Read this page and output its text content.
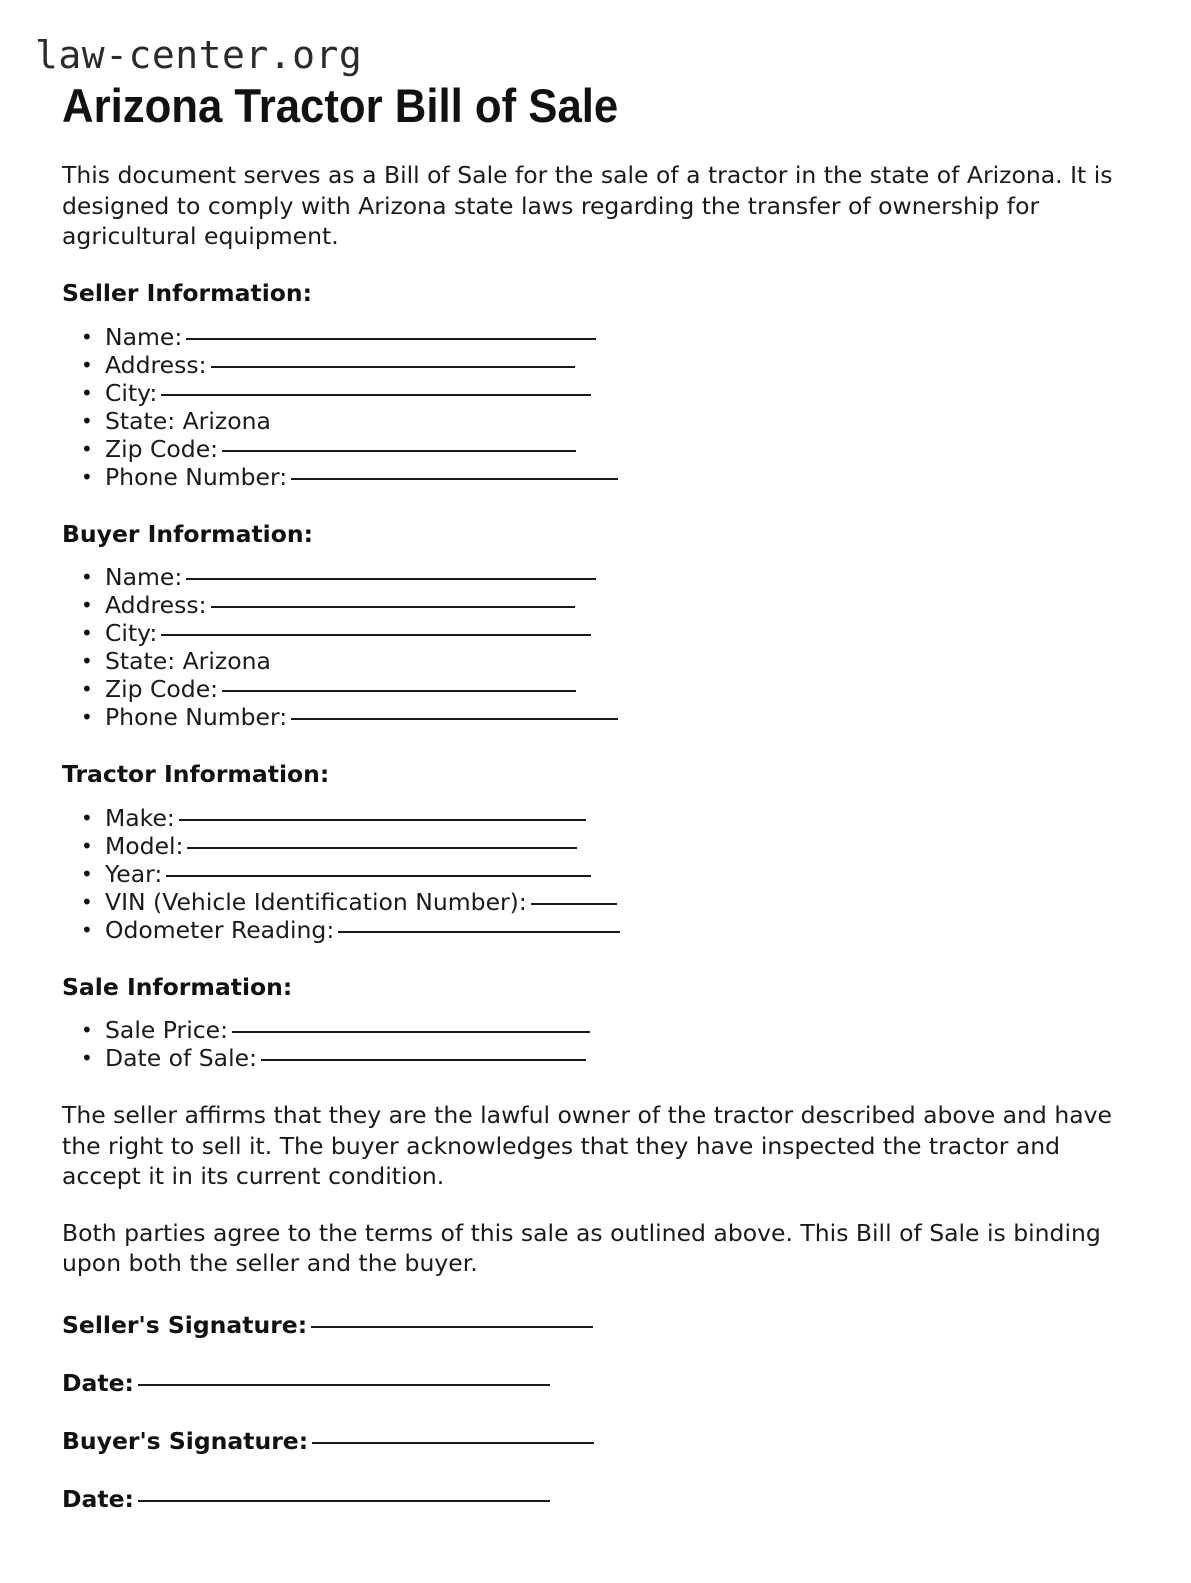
law-center.org
Arizona Tractor Bill of Sale

This document serves as a Bill of Sale for the sale of a tractor in the state of Arizona. It is designed to comply with Arizona state laws regarding the transfer of ownership for agricultural equipment.

Seller Information:
• Name:
• Address:
• City:
• State: Arizona
• Zip Code:
• Phone Number:
Buyer Information:
• Name:
• Address:
• City:
• State: Arizona
• Zip Code:
• Phone Number:
Tractor Information:
• Make:
• Model:
• Year:
• VIN (Vehicle Identification Number):
• Odometer Reading:
Sale Information:
• Sale Price:
• Date of Sale:

The seller affirms that they are the lawful owner of the tractor described above and have the right to sell it. The buyer acknowledges that they have inspected the tractor and accept it in its current condition.

Both parties agree to the terms of this sale as outlined above. This Bill of Sale is binding upon both the seller and the buyer.

Seller's Signature:
Date:
Buyer's Signature:
Date:
